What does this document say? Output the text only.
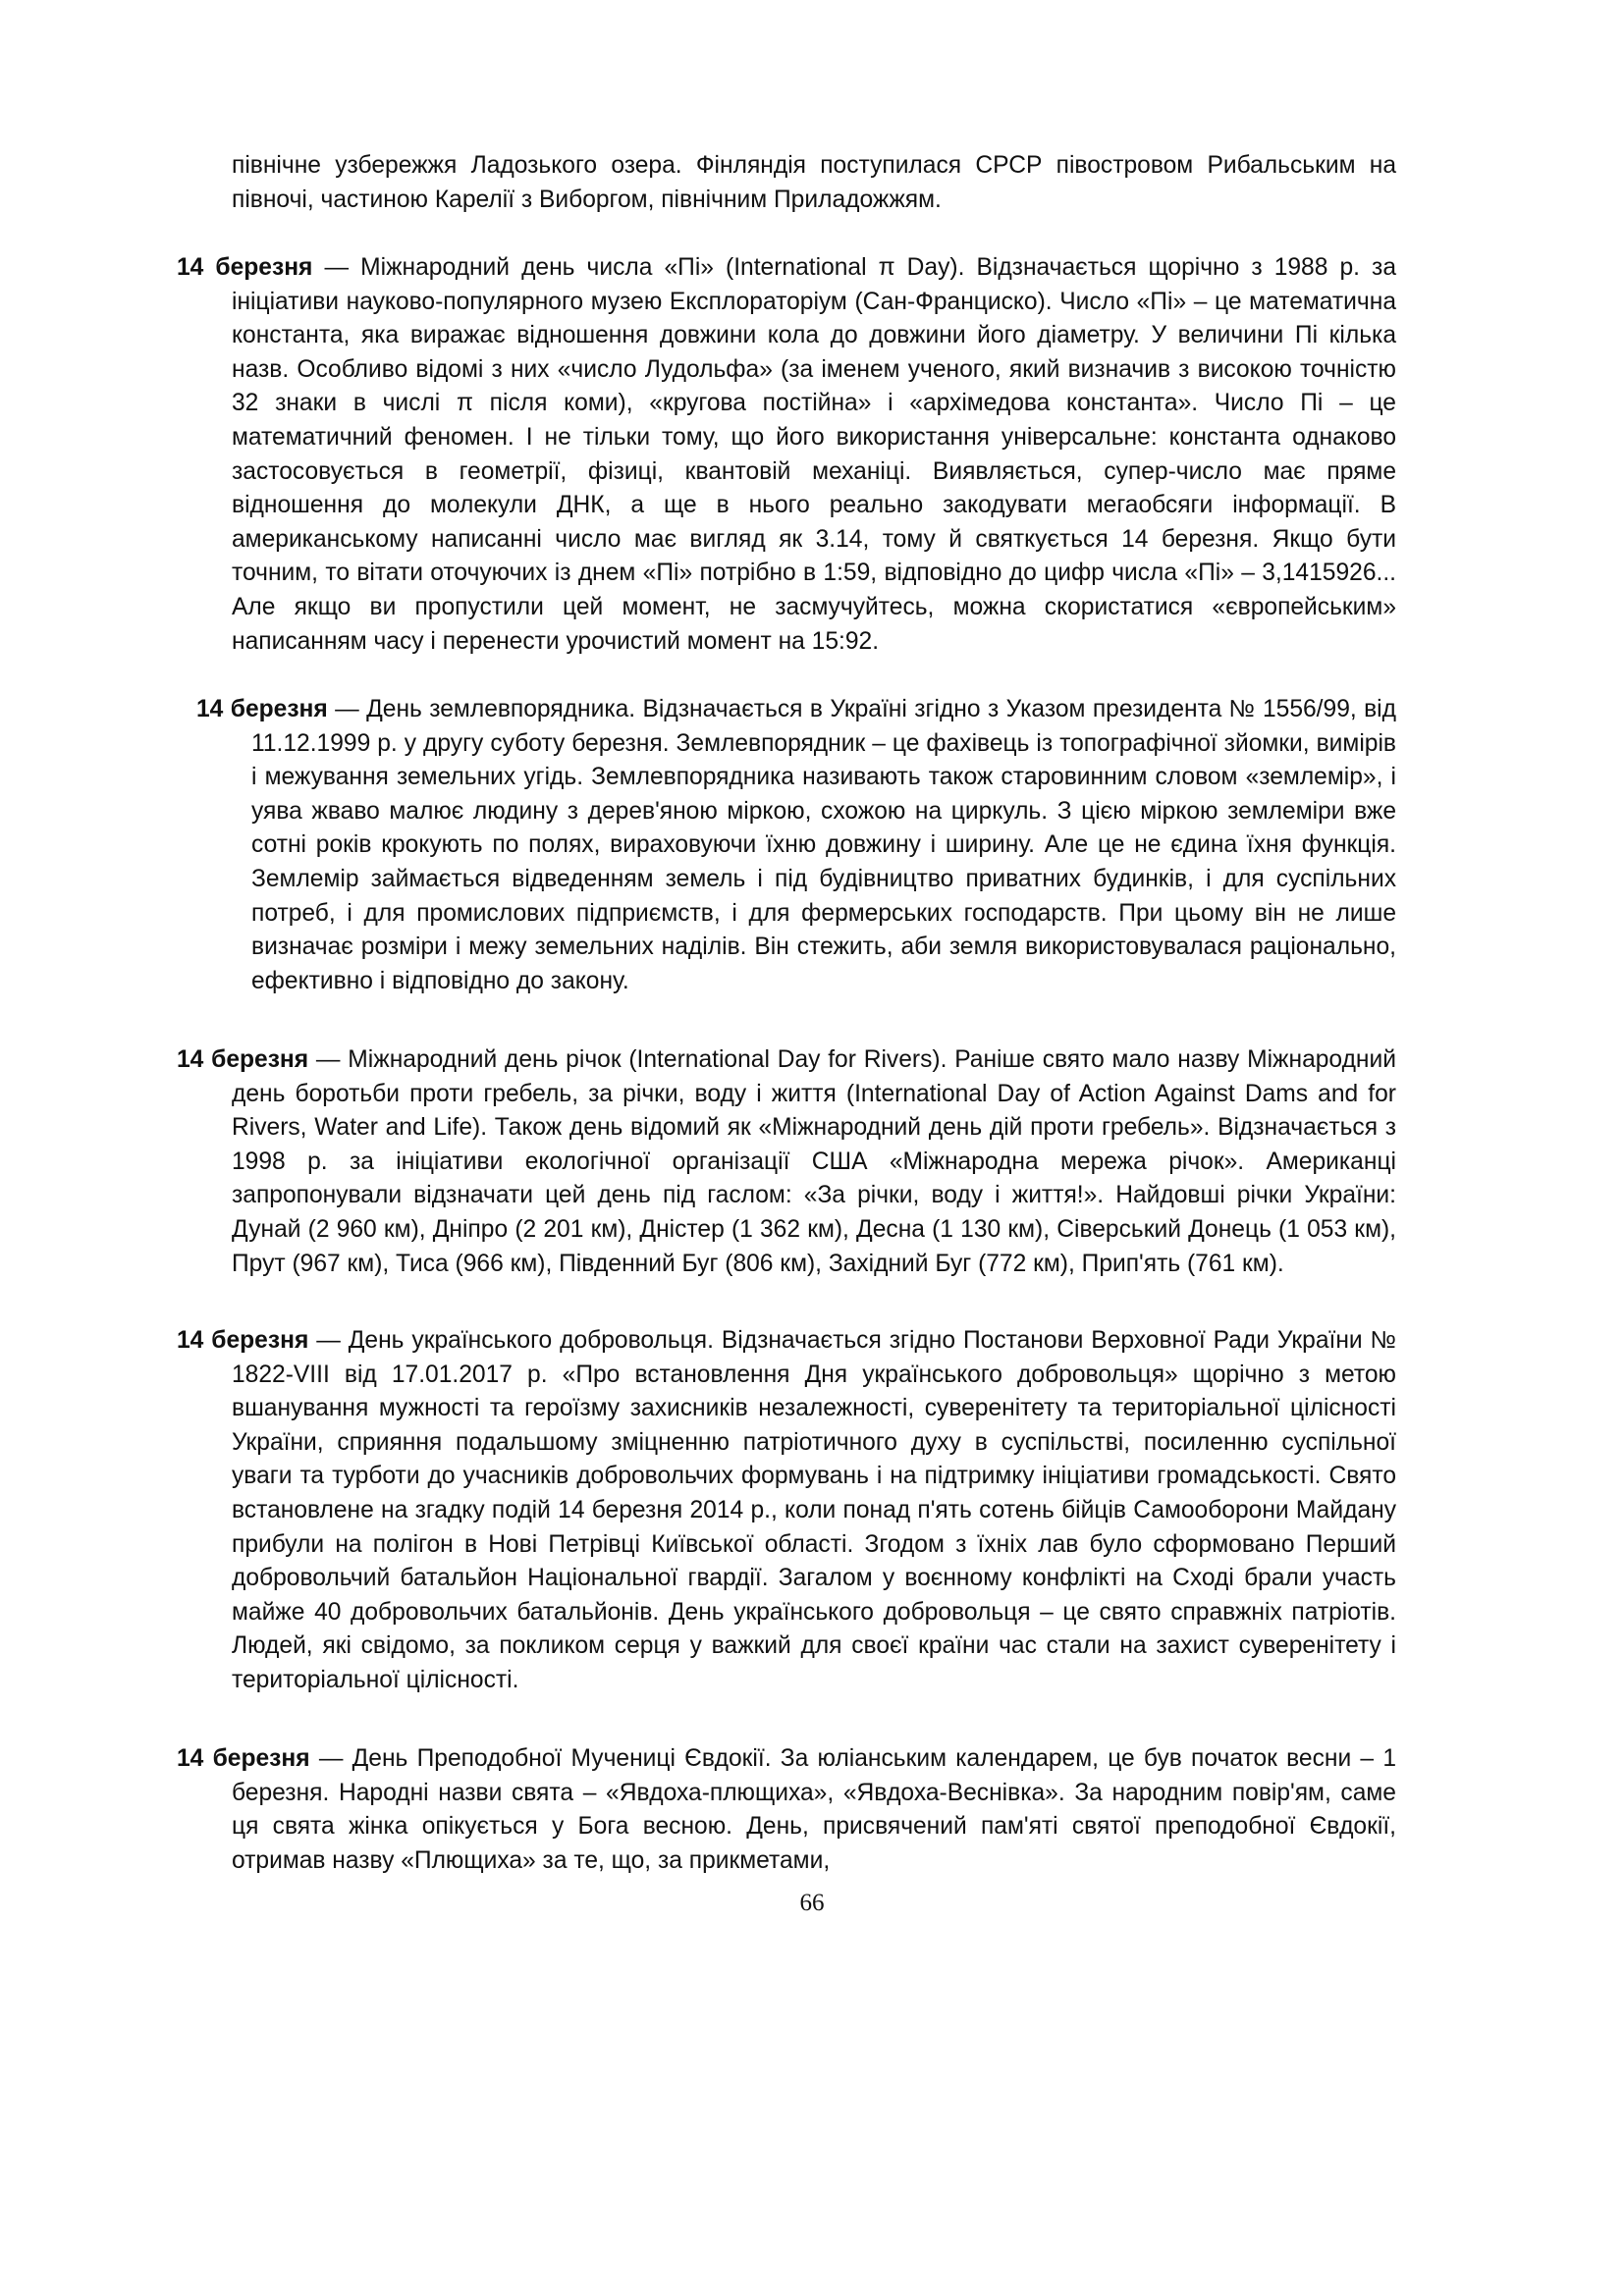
північне узбережжя Ладозького озера. Фінляндія поступилася СРСР півостровом Рибальським на півночі, частиною Карелії з Виборгом, північним Приладожжям.

14 березня — Міжнародний день числа «Пі» (International π Day). Відзначається щорічно з 1988 р. за ініціативи науково-популярного музею Експлораторіум (Сан-Франциско). Число «Пі» – це математична константа, яка виражає відношення довжини кола до довжини його діаметру. У величини Пі кілька назв. Особливо відомі з них «число Лудольфа» (за іменем ученого, який визначив з високою точністю 32 знаки в числі π після коми), «кругова постійна» і «архімедова константа». Число Пі – це математичний феномен. І не тільки тому, що його використання універсальне: константа однаково застосовується в геометрії, фізиці, квантовій механіці. Виявляється, супер-число має пряме відношення до молекули ДНК, а ще в нього реально закодувати мегаобсяги інформації. В американському написанні число має вигляд як 3.14, тому й святкується 14 березня. Якщо бути точним, то вітати оточуючих із днем «Пі» потрібно в 1:59, відповідно до цифр числа «Пі» – 3,1415926... Але якщо ви пропустили цей момент, не засмучуйтесь, можна скористатися «європейським» написанням часу і перенести урочистий момент на 15:92.

14 березня — День землевпорядника. Відзначається в Україні згідно з Указом президента № 1556/99, від 11.12.1999 р. у другу суботу березня. Землевпорядник – це фахівець із топографічної зйомки, вимірів і межування земельних угідь. Землевпорядника називають також старовинним словом «землемір», і уява жваво малює людину з дерев'яною міркою, схожою на циркуль. З цією міркою землеміри вже сотні років крокують по полях, вираховуючи їхню довжину і ширину. Але це не єдина їхня функція. Землемір займається відведенням земель і під будівництво приватних будинків, і для суспільних потреб, і для промислових підприємств, і для фермерських господарств. При цьому він не лише визначає розміри і межу земельних наділів. Він стежить, аби земля використовувалася раціонально, ефективно і відповідно до закону.

14 березня — Міжнародний день річок (International Day for Rivers). Раніше свято мало назву Міжнародний день боротьби проти гребель, за річки, воду і життя (International Day of Action Against Dams and for Rivers, Water and Life). Також день відомий як «Міжнародний день дій проти гребель». Відзначається з 1998 р. за ініціативи екологічної організації США «Міжнародна мережа річок». Американці запропонували відзначати цей день під гаслом: «За річки, воду і життя!». Найдовші річки України: Дунай (2 960 км), Дніпро (2 201 км), Дністер (1 362 км), Десна (1 130 км), Сіверський Донець (1 053 км), Прут (967 км), Тиса (966 км), Південний Буг (806 км), Західний Буг (772 км), Прип'ять (761 км).

14 березня — День українського добровольця. Відзначається згідно Постанови Верховної Ради України № 1822-VIII від 17.01.2017 р. «Про встановлення Дня українського добровольця» щорічно з метою вшанування мужності та героїзму захисників незалежності, суверенітету та територіальної цілісності України, сприяння подальшому зміцненню патріотичного духу в суспільстві, посиленню суспільної уваги та турботи до учасників добровольчих формувань і на підтримку ініціативи громадськості. Свято встановлене на згадку подій 14 березня 2014 р., коли понад п'ять сотень бійців Самооборони Майдану прибули на полігон в Нові Петрівці Київської області. Згодом з їхніх лав було сформовано Перший добровольчий батальйон Національної гвардії. Загалом у воєнному конфлікті на Сході брали участь майже 40 добровольчих батальйонів. День українського добровольця – це свято справжніх патріотів. Людей, які свідомо, за покликом серця у важкий для своєї країни час стали на захист суверенітету і територіальної цілісності.

14 березня — День Преподобної Мучениці Євдокії. За юліанським календарем, це був початок весни – 1 березня. Народні назви свята – «Явдоха-плющиха», «Явдоха-Веснівка». За народним повір'ям, саме ця свята жінка опікується у Бога весною. День, присвячений пам'яті святої преподобної Євдокії, отримав назву «Плющиха» за те, що, за прикметами,

66
